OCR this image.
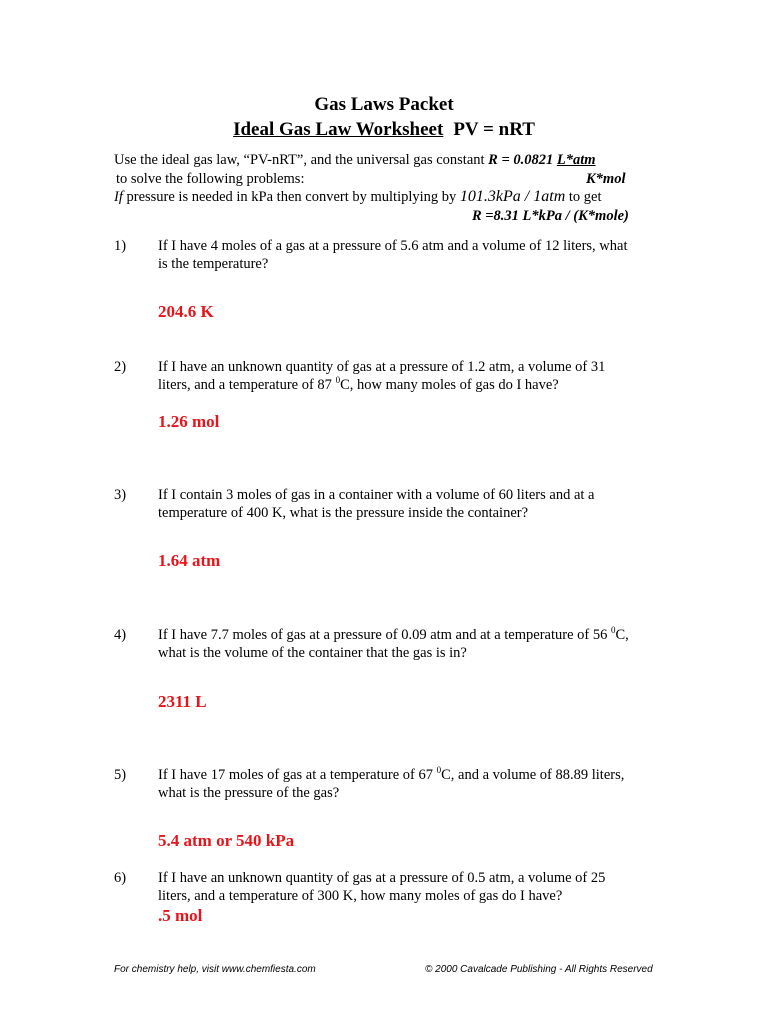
Gas Laws Packet
Ideal Gas Law Worksheet PV = nRT
Use the ideal gas law, “PV-nRT”, and the universal gas constant R = 0.0821 L*atm
to solve the following problems:	K*mol
If pressure is needed in kPa then convert by multiplying by 101.3kPa / 1atm to get
R =8.31 L*kPa / (K*mole)
1) If I have 4 moles of a gas at a pressure of 5.6 atm and a volume of 12 liters, what
is the temperature?
204.6 K
2) If I have an unknown quantity of gas at a pressure of 1.2 atm, a volume of 31
liters, and a temperature of 87 $^0$C, how many moles of gas do I have?
1.26 mol
3) If I contain 3 moles of gas in a container with a volume of 60 liters and at a
temperature of 400 K, what is the pressure inside the container?
1.64 atm
4) If I have 7.7 moles of gas at a pressure of 0.09 atm and at a temperature of 56 $^0$C,
what is the volume of the container that the gas is in?
2311 L
5) If I have 17 moles of gas at a temperature of 67 $^0$C, and a volume of 88.89 liters,
what is the pressure of the gas?
5.4 atm or 540 kPa
6) If I have an unknown quantity of gas at a pressure of 0.5 atm, a volume of 25
liters, and a temperature of 300 K, how many moles of gas do I have?
.5 mol
For chemistry help, visit www.chemfiesta.com	© 2000 Cavalcade Publishing - All Rights Reserved
